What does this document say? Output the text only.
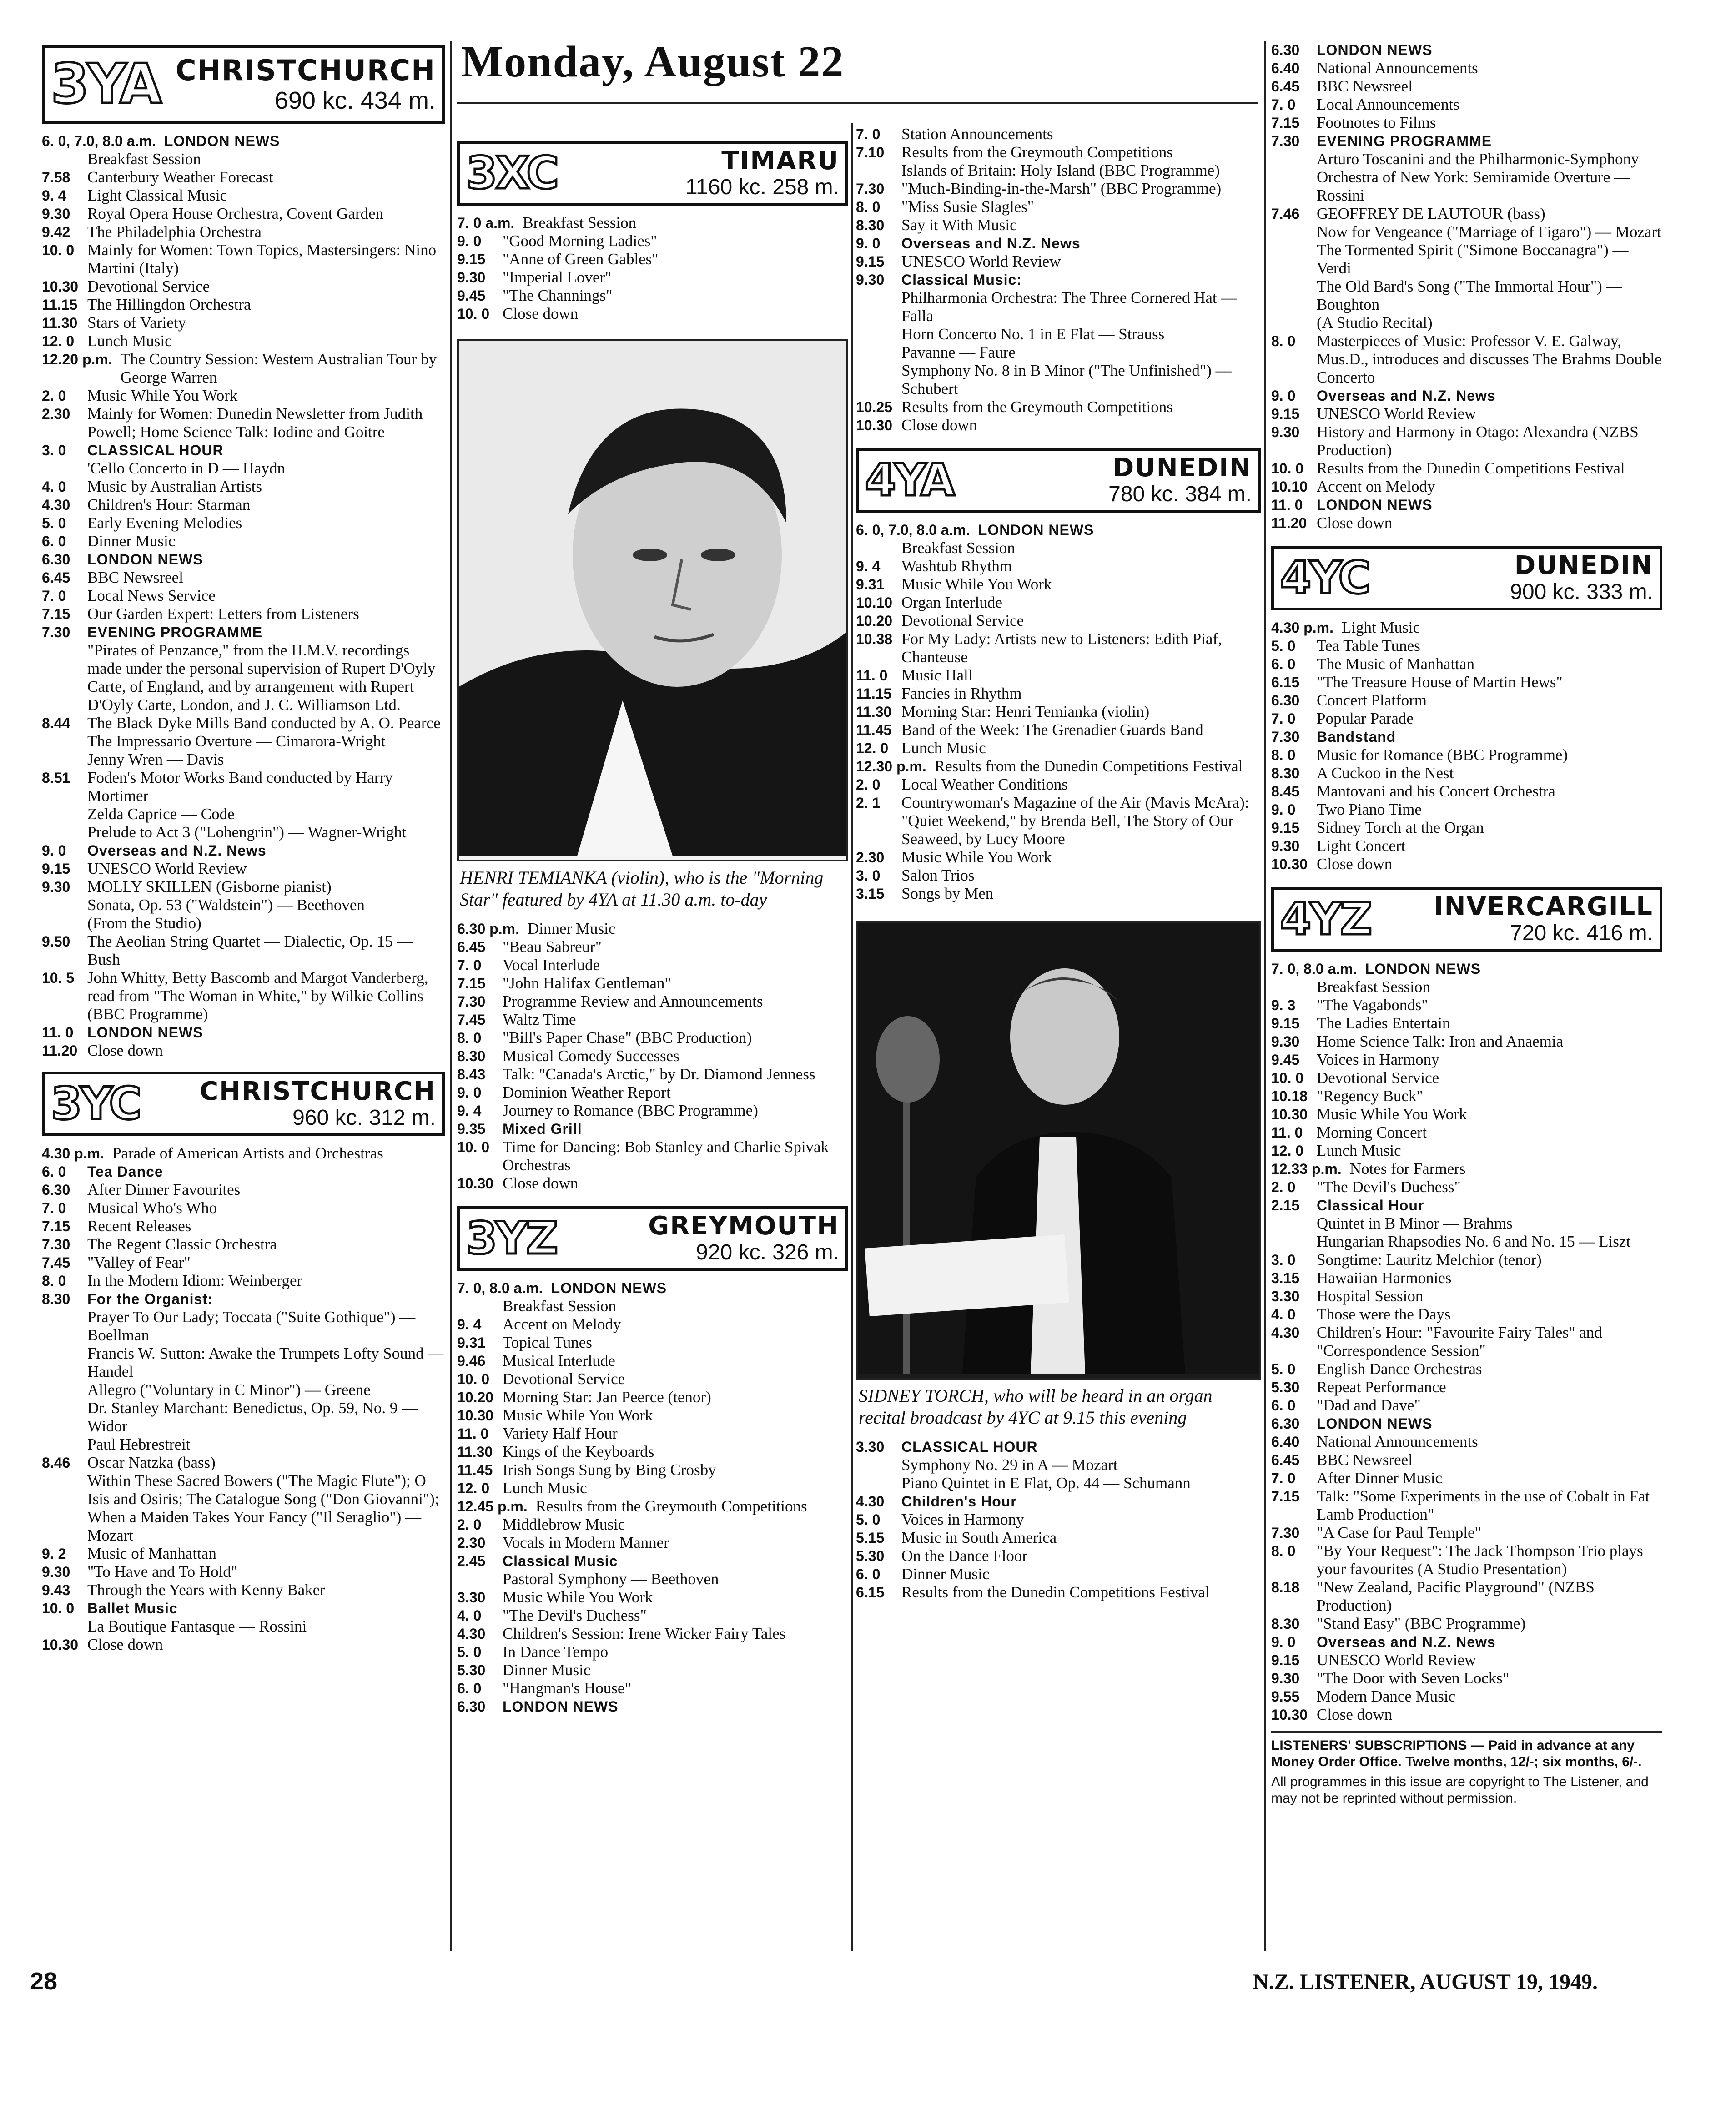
Monday, August 22
3YA CHRISTCHURCH
690 kc. 434 m.
6. 0, 7.0, 8.0 a.m. LONDON NEWS
Breakfast Session
7.58	Canterbury Weather Forecast
9. 4	Light Classical Music
9.30	Royal Opera House Orchestra, Covent Garden
9.42	The Philadelphia Orchestra
10. 0 Mainly for Women: Town Topics, Mastersingers: Nino Martini (Italy)
10.30 Devotional Service
11.15 The Hillingdon Orchestra
11.30 Stars of Variety
12. 0 Lunch Music
12.20 p.m. The Country Session: Western Australian Tour by George Warren
2. 0	Music While You Work
2.30	Mainly for Women: Dunedin Newsletter from Judith Powell; Home Science Talk: Iodine and Goitre
3. 0	CLASSICAL HOUR
'Cello Concerto in D — Haydn
4. 0	Music by Australian Artists
4.30	Children's Hour: Starman
5. 0	Early Evening Melodies
6. 0	Dinner Music
6.30	LONDON NEWS
6.45	BBC Newsreel
7. 0	Local News Service
7.15	Our Garden Expert: Letters from Listeners
7.30	EVENING PROGRAMME
"Pirates of Penzance," from the H.M.V. recordings made under the personal supervision of Rupert D'Oyly Carte, of England, and by arrangement with Rupert D'Oyly Carte, London, and J. C. Williamson Ltd.
8.44	The Black Dyke Mills Band conducted by A. O. Pearce
The Impressario Overture — Cimarora-Wright
Jenny Wren — Davis
8.51	Foden's Motor Works Band conducted by Harry Mortimer
Zelda Caprice — Code
Prelude to Act 3 ("Lohengrin") — Wagner-Wright
9. 0	Overseas and N.Z. News
9.15	UNESCO World Review
9.30	MOLLY SKILLEN (Gisborne pianist)
Sonata, Op. 53 ("Waldstein") — Beethoven
(From the Studio)
9.50	The Aeolian String Quartet — Dialectic, Op. 15 — Bush
10. 5 John Whitty, Betty Bascomb and Margot Vanderberg, read from "The Woman in White," by Wilkie Collins (BBC Programme)
11. 0 LONDON NEWS
11.20 Close down
3YC	CHRISTCHURCH
960 kc. 312 m.
4.30 p.m. Parade of American Artists and Orchestras
6. 0	Tea Dance
6.30	After Dinner Favourites
7. 0	Musical Who's Who
7.15	Recent Releases
7.30	The Regent Classic Orchestra
7.45	"Valley of Fear"
8. 0	In the Modern Idiom: Weinberger
8.30	For the Organist:
Prayer To Our Lady; Toccata ("Suite Gothique") — Boellman
Francis W. Sutton: Awake the Trumpets Lofty Sound — Handel
Allegro ("Voluntary in C Minor") — Greene
Dr. Stanley Marchant: Benedictus, Op. 59, No. 9 — Widor
Paul Hebrestreit
8.46	Oscar Natzka (bass)
Within These Sacred Bowers ("The Magic Flute"); O Isis and Osiris; The Catalogue Song ("Don Giovanni"); When a Maiden Takes Your Fancy ("Il Seraglio") — Mozart
9. 2	Music of Manhattan
9.30	"To Have and To Hold"
9.43	Through the Years with Kenny Baker
10. 0 Ballet Music
La Boutique Fantasque — Rossini
10.30 Close down
3XC	TIMARU
1160 kc. 258 m.
7. 0 a.m. Breakfast Session
9. 0	"Good Morning Ladies"
9.15	"Anne of Green Gables"
9.30	"Imperial Lover"
9.45	"The Channings"
10. 0 Close down
HENRI TEMIANKA (violin), who is the "Morning Star" featured by 4YA at 11.30 a.m. to-day
6.30 p.m. Dinner Music
6.45	"Beau Sabreur"
7. 0	Vocal Interlude
7.15	"John Halifax Gentleman"
7.30	Programme Review and Announcements
7.45	Waltz Time
8. 0	"Bill's Paper Chase" (BBC Production)
8.30	Musical Comedy Successes
8.43	Talk: "Canada's Arctic," by Dr. Diamond Jenness
9. 0	Dominion Weather Report
9. 4	Journey to Romance (BBC Programme)
9.35	Mixed Grill
10. 0 Time for Dancing: Bob Stanley and Charlie Spivak Orchestras
10.30 Close down
3YZ	GREYMOUTH
920 kc. 326 m.
7. 0, 8.0 a.m. LONDON NEWS
Breakfast Session
9. 4	Accent on Melody
9.31	Topical Tunes
9.46	Musical Interlude
10. 0 Devotional Service
10.20 Morning Star: Jan Peerce (tenor)
10.30 Music While You Work
11. 0 Variety Half Hour
11.30 Kings of the Keyboards
11.45 Irish Songs Sung by Bing Crosby
12. 0 Lunch Music
12.45 p.m. Results from the Greymouth Competitions
2. 0	Middlebrow Music
2.30	Vocals in Modern Manner
2.45	Classical Music
Pastoral Symphony — Beethoven
3.30	Music While You Work
4. 0	"The Devil's Duchess"
4.30	Children's Session: Irene Wicker Fairy Tales
5. 0	In Dance Tempo
5.30	Dinner Music
6. 0	"Hangman's House"
6.30	LONDON NEWS
7. 0	Station Announcements
7.10	Results from the Greymouth Competitions
Islands of Britain: Holy Island (BBC Programme)
7.30	"Much-Binding-in-the-Marsh" (BBC Programme)
8. 0	"Miss Susie Slagles"
8.30	Say it With Music
9. 0	Overseas and N.Z. News
9.15	UNESCO World Review
9.30	Classical Music:
Philharmonia Orchestra: The Three Cornered Hat — Falla
Horn Concerto No. 1 in E Flat — Strauss
Pavanne — Faure
Symphony No. 8 in B Minor ("The Unfinished") — Schubert
10.25 Results from the Greymouth Competitions
10.30 Close down
4YA	DUNEDIN
780 kc. 384 m.
6. 0, 7.0, 8.0 a.m. LONDON NEWS
Breakfast Session
9. 4	Washtub Rhythm
9.31	Music While You Work
10.10 Organ Interlude
10.20 Devotional Service
10.38 For My Lady: Artists new to Listeners: Edith Piaf, Chanteuse
11. 0 Music Hall
11.15 Fancies in Rhythm
11.30 Morning Star: Henri Temianka (violin)
11.45 Band of the Week: The Grenadier Guards Band
12. 0 Lunch Music
12.30 p.m. Results from the Dunedin Competitions Festival
2. 0	Local Weather Conditions
2. 1	Countrywoman's Magazine of the Air (Mavis McAra): "Quiet Weekend," by Brenda Bell, The Story of Our Seaweed, by Lucy Moore
2.30	Music While You Work
3. 0	Salon Trios
3.15	Songs by Men
SIDNEY TORCH, who will be heard in an organ recital broadcast by 4YC at 9.15 this evening
3.30	CLASSICAL HOUR
Symphony No. 29 in A — Mozart
Piano Quintet in E Flat, Op. 44 — Schumann
4.30	Children's Hour
5. 0	Voices in Harmony
5.15	Music in South America
5.30	On the Dance Floor
6. 0	Dinner Music
6.15	Results from the Dunedin Competitions Festival
6.30	LONDON NEWS
6.40	National Announcements
6.45	BBC Newsreel
7. 0	Local Announcements
7.15	Footnotes to Films
7.30	EVENING PROGRAMME
Arturo Toscanini and the Philharmonic-Symphony Orchestra of New York: Semiramide Overture — Rossini
7.46	GEOFFREY DE LAUTOUR (bass)
Now for Vengeance ("Marriage of Figaro") — Mozart
The Tormented Spirit ("Simone Boccanagra") — Verdi
The Old Bard's Song ("The Immortal Hour") — Boughton
(A Studio Recital)
8. 0	Masterpieces of Music: Professor V. E. Galway, Mus.D., introduces and discusses The Brahms Double Concerto
9. 0	Overseas and N.Z. News
9.15	UNESCO World Review
9.30	History and Harmony in Otago: Alexandra (NZBS Production)
10. 0 Results from the Dunedin Competitions Festival
10.10 Accent on Melody
11. 0 LONDON NEWS
11.20 Close down
4YC	DUNEDIN
900 kc. 333 m.
4.30 p.m. Light Music
5. 0	Tea Table Tunes
6. 0	The Music of Manhattan
6.15	"The Treasure House of Martin Hews"
6.30	Concert Platform
7. 0	Popular Parade
7.30	Bandstand
8. 0	Music for Romance (BBC Programme)
8.30	A Cuckoo in the Nest
8.45	Mantovani and his Concert Orchestra
9. 0	Two Piano Time
9.15	Sidney Torch at the Organ
9.30	Light Concert
10.30 Close down
4YZ	INVERCARGILL
720 kc. 416 m.
7. 0, 8.0 a.m. LONDON NEWS
Breakfast Session
9. 3	"The Vagabonds"
9.15	The Ladies Entertain
9.30	Home Science Talk: Iron and Anaemia
9.45	Voices in Harmony
10. 0 Devotional Service
10.18 "Regency Buck"
10.30 Music While You Work
11. 0 Morning Concert
12. 0 Lunch Music
12.33 p.m. Notes for Farmers
2. 0	"The Devil's Duchess"
2.15	Classical Hour
Quintet in B Minor — Brahms
Hungarian Rhapsodies No. 6 and No. 15 — Liszt
3. 0	Songtime: Lauritz Melchior (tenor)
3.15	Hawaiian Harmonies
3.30	Hospital Session
4. 0	Those were the Days
4.30	Children's Hour: "Favourite Fairy Tales" and "Correspondence Session"
5. 0	English Dance Orchestras
5.30	Repeat Performance
6. 0	"Dad and Dave"
6.30	LONDON NEWS
6.40	National Announcements
6.45	BBC Newsreel
7. 0	After Dinner Music
7.15	Talk: "Some Experiments in the use of Cobalt in Fat Lamb Production"
7.30	"A Case for Paul Temple"
8. 0	"By Your Request": The Jack Thompson Trio plays your favourites (A Studio Presentation)
8.18	"New Zealand, Pacific Playground" (NZBS Production)
8.30	"Stand Easy" (BBC Programme)
9. 0	Overseas and N.Z. News
9.15	UNESCO World Review
9.30	"The Door with Seven Locks"
9.55	Modern Dance Music
10.30 Close down
LISTENERS' SUBSCRIPTIONS — Paid in advance at any Money Order Office. Twelve months, 12/-; six months, 6/-.
All programmes in this issue are copyright to The Listener, and may not be reprinted without permission.
28	N.Z. LISTENER, AUGUST 19, 1949.
